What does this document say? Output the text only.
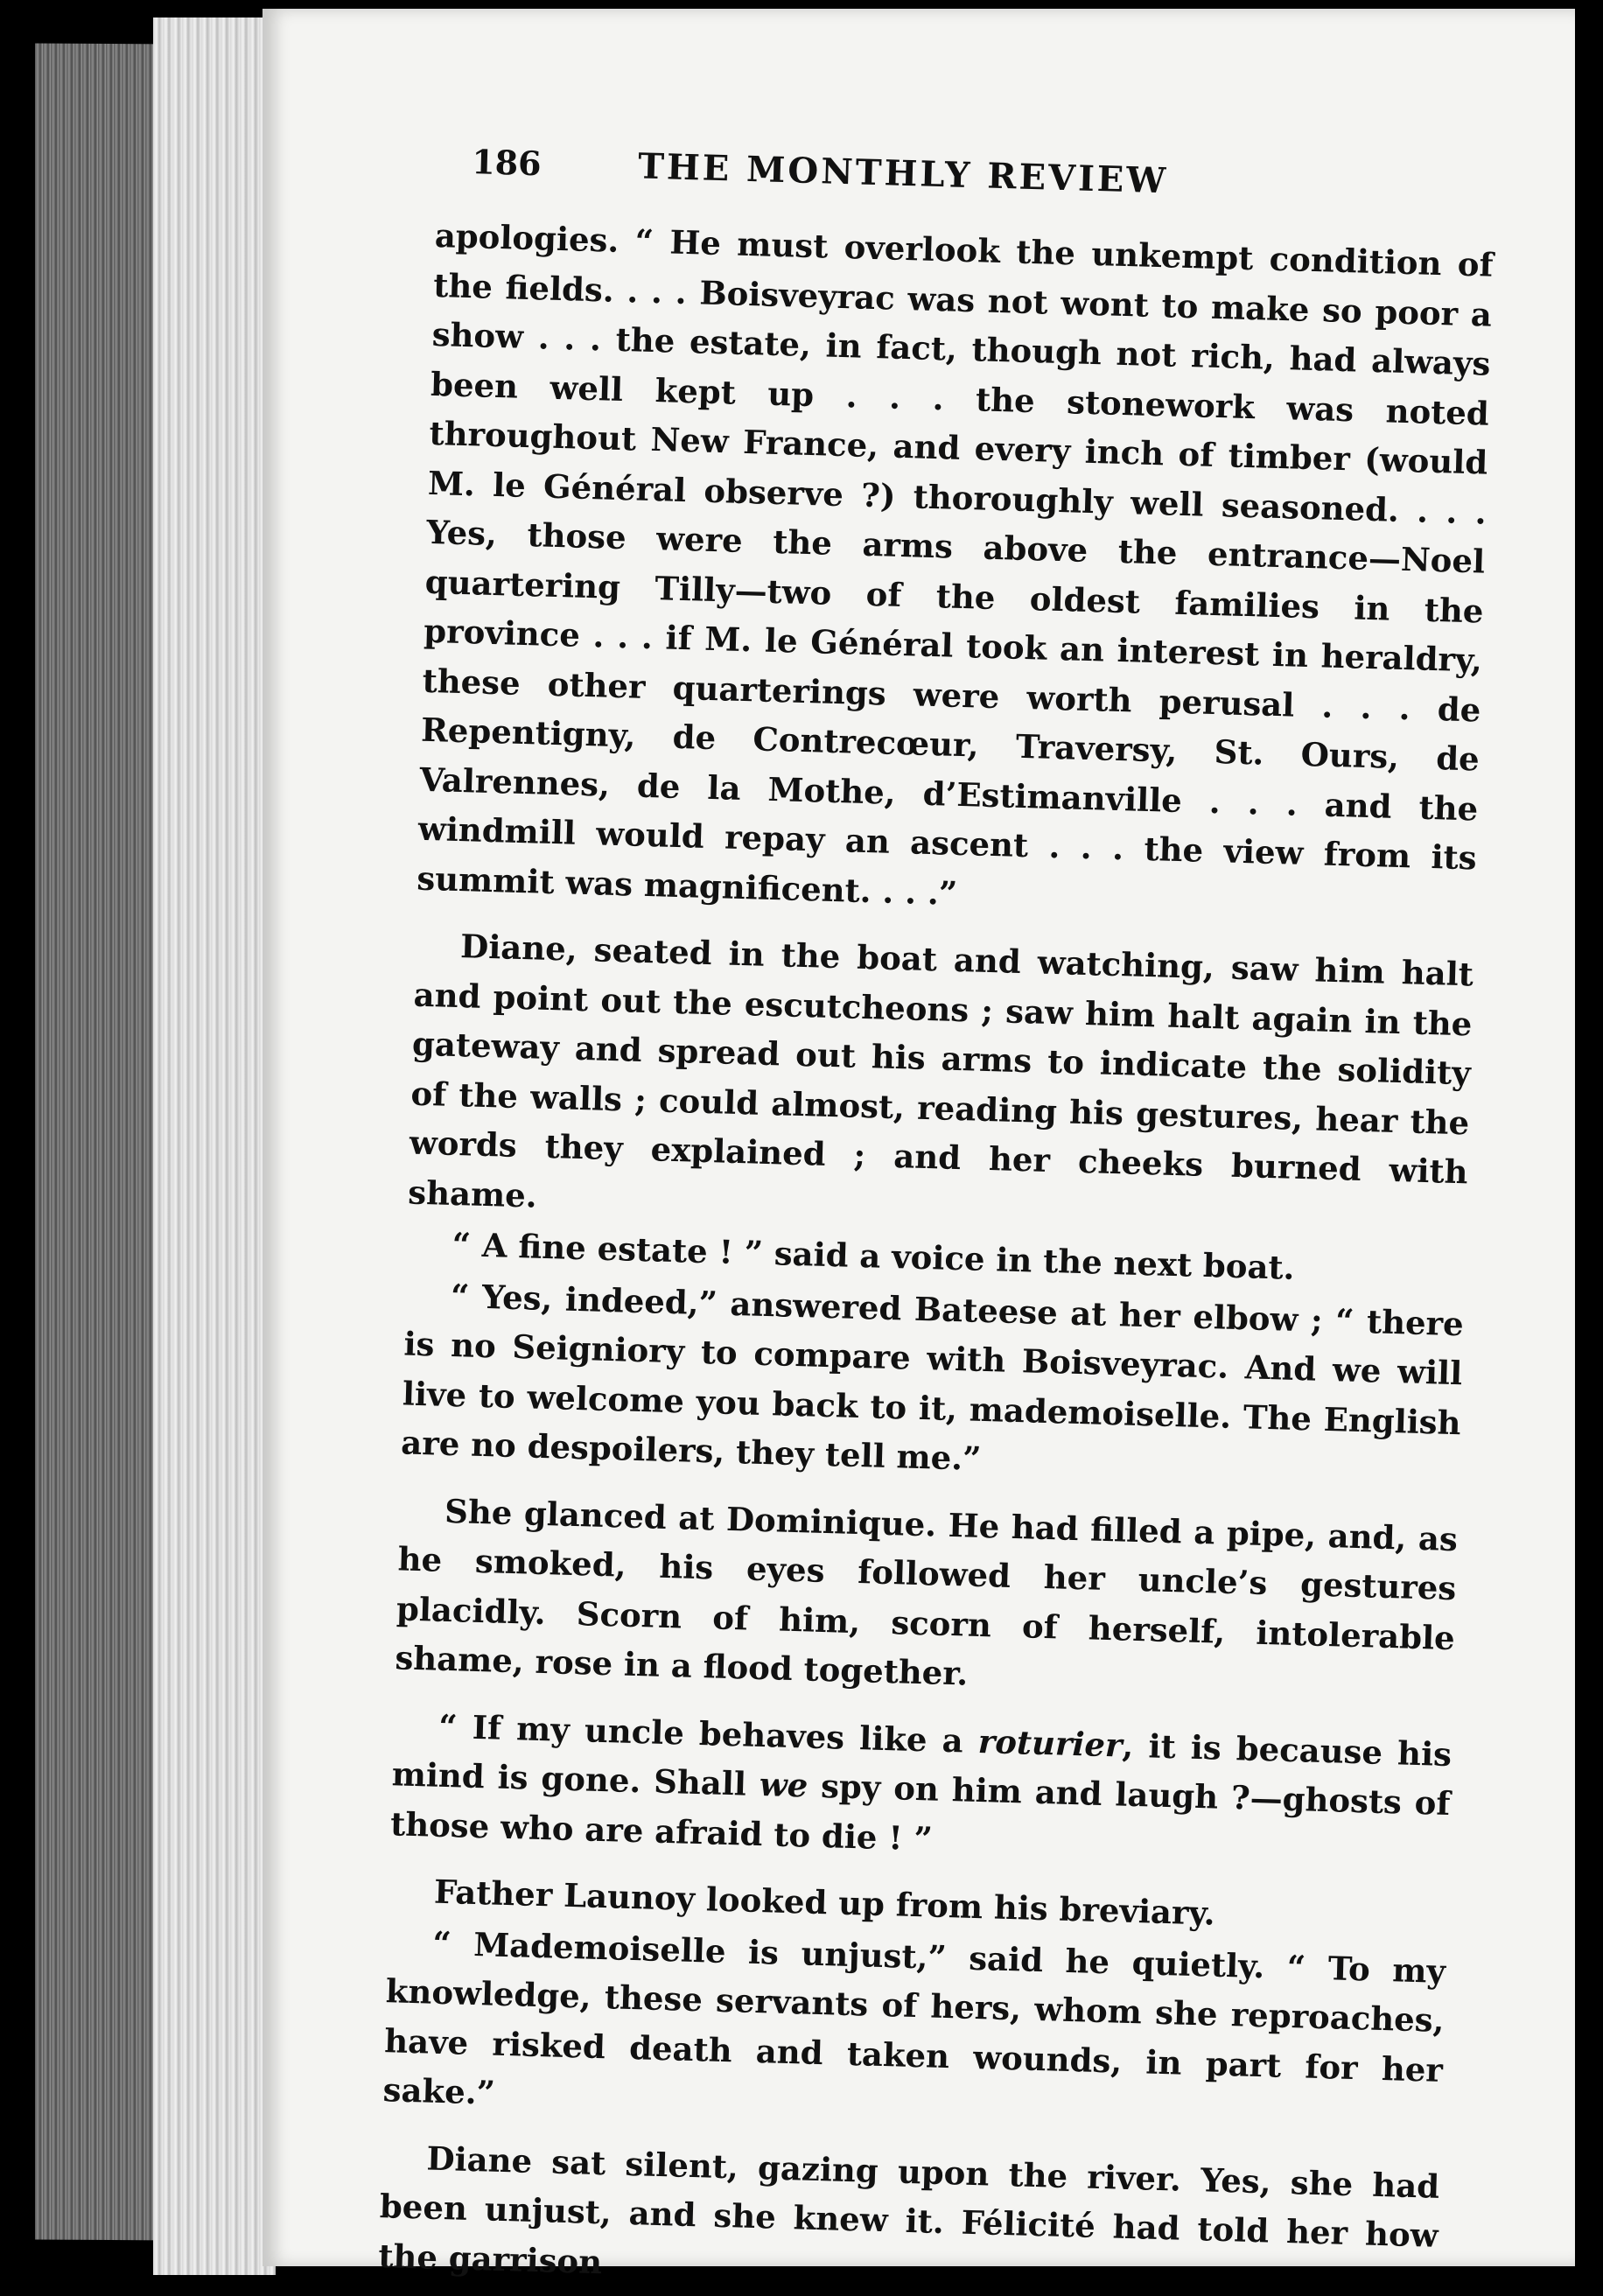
186	THE MONTHLY REVIEW

apologies. “ He must overlook the unkempt condition of the fields. . . . Boisveyrac was not wont to make so poor a show . . . the estate, in fact, though not rich, had always been well kept up . . . the stonework was noted throughout New France, and every inch of timber (would M. le Général observe ?) thoroughly well seasoned. . . . Yes, those were the arms above the entrance—Noel quartering Tilly—two of the oldest families in the province . . . if M. le Général took an interest in heraldry, these other quarterings were worth perusal . . . de Repentigny, de Contrecœur, Traversy, St. Ours, de Valrennes, de la Mothe, d’Estimanville . . . and the windmill would repay an ascent . . . the view from its summit was magnificent. . . .”

Diane, seated in the boat and watching, saw him halt and point out the escutcheons ; saw him halt again in the gateway and spread out his arms to indicate the solidity of the walls ; could almost, reading his gestures, hear the words they explained ; and her cheeks burned with shame.

“ A fine estate ! ” said a voice in the next boat.

“ Yes, indeed,” answered Bateese at her elbow ; “ there is no Seigniory to compare with Boisveyrac. And we will live to welcome you back to it, mademoiselle. The English are no despoilers, they tell me.”

She glanced at Dominique. He had filled a pipe, and, as he smoked, his eyes followed her uncle’s gestures placidly. Scorn of him, scorn of herself, intolerable shame, rose in a flood together.

“ If my uncle behaves like a roturier, it is because his mind is gone. Shall we spy on him and laugh ?—ghosts of those who are afraid to die ! ”

Father Launoy looked up from his breviary.

“ Mademoiselle is unjust,” said he quietly. “ To my knowledge, these servants of hers, whom she reproaches, have risked death and taken wounds, in part for her sake.”

Diane sat silent, gazing upon the river. Yes, she had been unjust, and she knew it. Félicité had told her how the garrison
